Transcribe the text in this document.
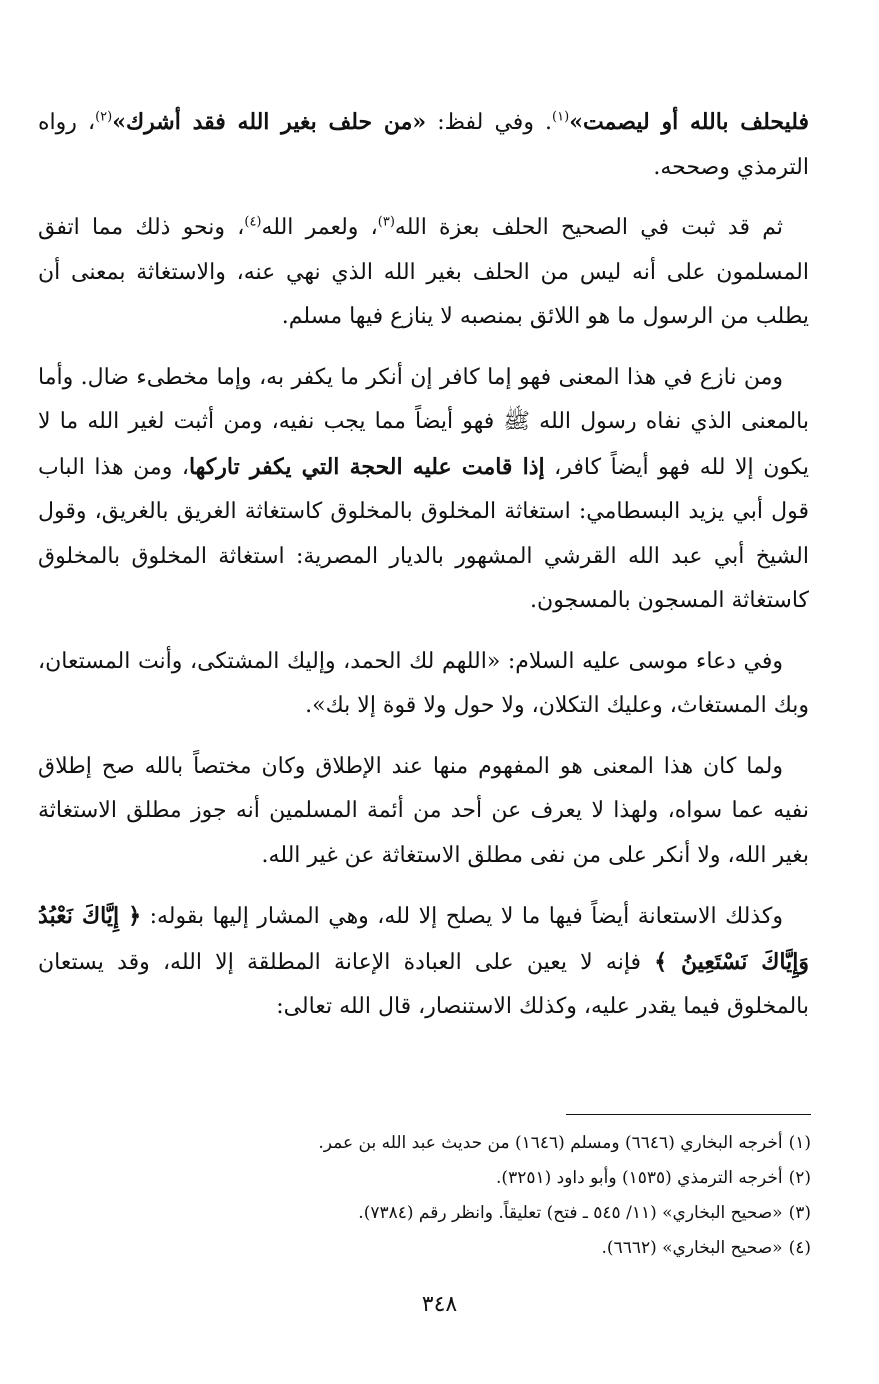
فليحلف بالله أو ليصمت»$^{(١)}$. وفي لفظ: «من حلف بغير الله فقد أشرك»$^{(٢)}$، رواه الترمذي وصححه.

ثم قد ثبت في الصحيح الحلف بعزة الله$^{(٣)}$، ولعمر الله$^{(٤)}$، ونحو ذلك مما اتفق المسلمون على أنه ليس من الحلف بغير الله الذي نهي عنه، والاستغاثة بمعنى أن يطلب من الرسول ما هو اللائق بمنصبه لا ينازع فيها مسلم.

ومن نازع في هذا المعنى فهو إما كافر إن أنكر ما يكفر به، وإما مخطىء ضال. وأما بالمعنى الذي نفاه رسول الله ﷺ فهو أيضاً مما يجب نفيه، ومن أثبت لغير الله ما لا يكون إلا لله فهو أيضاً كافر، إذا قامت عليه الحجة التي يكفر تاركها، ومن هذا الباب قول أبي يزيد البسطامي: استغاثة المخلوق بالمخلوق كاستغاثة الغريق بالغريق، وقول الشيخ أبي عبد الله القرشي المشهور بالديار المصرية: استغاثة المخلوق بالمخلوق كاستغاثة المسجون بالمسجون.

وفي دعاء موسى عليه السلام: «اللهم لك الحمد، وإليك المشتكى، وأنت المستعان، وبك المستغاث، وعليك التكلان، ولا حول ولا قوة إلا بك».

ولما كان هذا المعنى هو المفهوم منها عند الإطلاق وكان مختصاً بالله صح إطلاق نفيه عما سواه، ولهذا لا يعرف عن أحد من أئمة المسلمين أنه جوز مطلق الاستغاثة بغير الله، ولا أنكر على من نفى مطلق الاستغاثة عن غير الله.

وكذلك الاستعانة أيضاً فيها ما لا يصلح إلا لله، وهي المشار إليها بقوله: ﴿ إِيَّاكَ نَعْبُدُ وَإِيَّاكَ نَسْتَعِينُ ﴾ فإنه لا يعين على العبادة الإعانة المطلقة إلا الله، وقد يستعان بالمخلوق فيما يقدر عليه، وكذلك الاستنصار، قال الله تعالى:

(١)أخرجه البخاري (٦٦٤٦) ومسلم (١٦٤٦) من حديث عبد الله بن عمر.
(٢)أخرجه الترمذي (١٥٣٥) وأبو داود (٣٢٥١).
(٣)«صحيح البخاري» (١١/ ٥٤٥ ـ فتح) تعليقاً. وانظر رقم (٧٣٨٤).
(٤)«صحيح البخاري» (٦٦٦٢).
٣٤٨
